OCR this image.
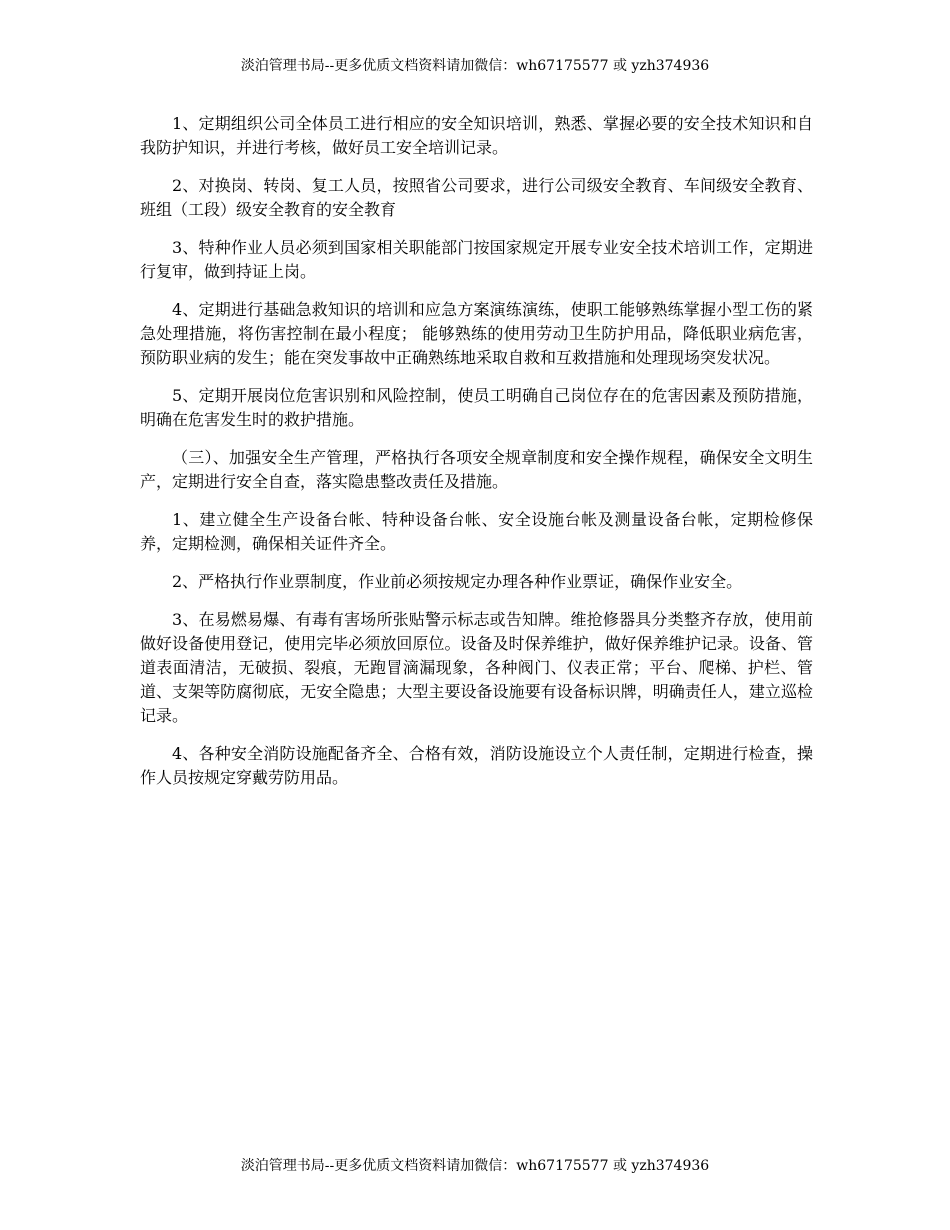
淡泊管理书局--更多优质文档资料请加微信：wh67175577 或 yzh374936

1、定期组织公司全体员工进行相应的安全知识培训，熟悉、掌握必要的安全技术知识和自我防护知识，并进行考核，做好员工安全培训记录。

2、对换岗、转岗、复工人员，按照省公司要求，进行公司级安全教育、车间级安全教育、 班组（工段）级安全教育的安全教育

3、特种作业人员必须到国家相关职能部门按国家规定开展专业安全技术培训工作，定期进行复审，做到持证上岗。

4、定期进行基础急救知识的培训和应急方案演练演练，使职工能够熟练掌握小型工伤的紧急处理措施，将伤害控制在最小程度； 能够熟练的使用劳动卫生防护用品，降低职业病危害，预防职业病的发生；能在突发事故中正确熟练地采取自救和互救措施和处理现场突发状况。

5、定期开展岗位危害识别和风险控制，使员工明确自己岗位存在的危害因素及预防措施，明确在危害发生时的救护措施。

（三）、加强安全生产管理，严格执行各项安全规章制度和安全操作规程，确保安全文明生产，定期进行安全自查，落实隐患整改责任及措施。

1、建立健全生产设备台帐、特种设备台帐、安全设施台帐及测量设备台帐，定期检修保养，定期检测，确保相关证件齐全。

2、严格执行作业票制度，作业前必须按规定办理各种作业票证，确保作业安全。

3、在易燃易爆、有毒有害场所张贴警示标志或告知牌。维抢修器具分类整齐存放，使用前做好设备使用登记，使用完毕必须放回原位。设备及时保养维护，做好保养维护记录。设备、管道表面清洁，无破损、裂痕，无跑冒滴漏现象，各种阀门、仪表正常；平台、爬梯、护栏、管道、支架等防腐彻底，无安全隐患；大型主要设备设施要有设备标识牌，明确责任人，建立巡检记录。

4、各种安全消防设施配备齐全、合格有效，消防设施设立个人责任制，定期进行检查，操作人员按规定穿戴劳防用品。

淡泊管理书局--更多优质文档资料请加微信：wh67175577 或 yzh374936
